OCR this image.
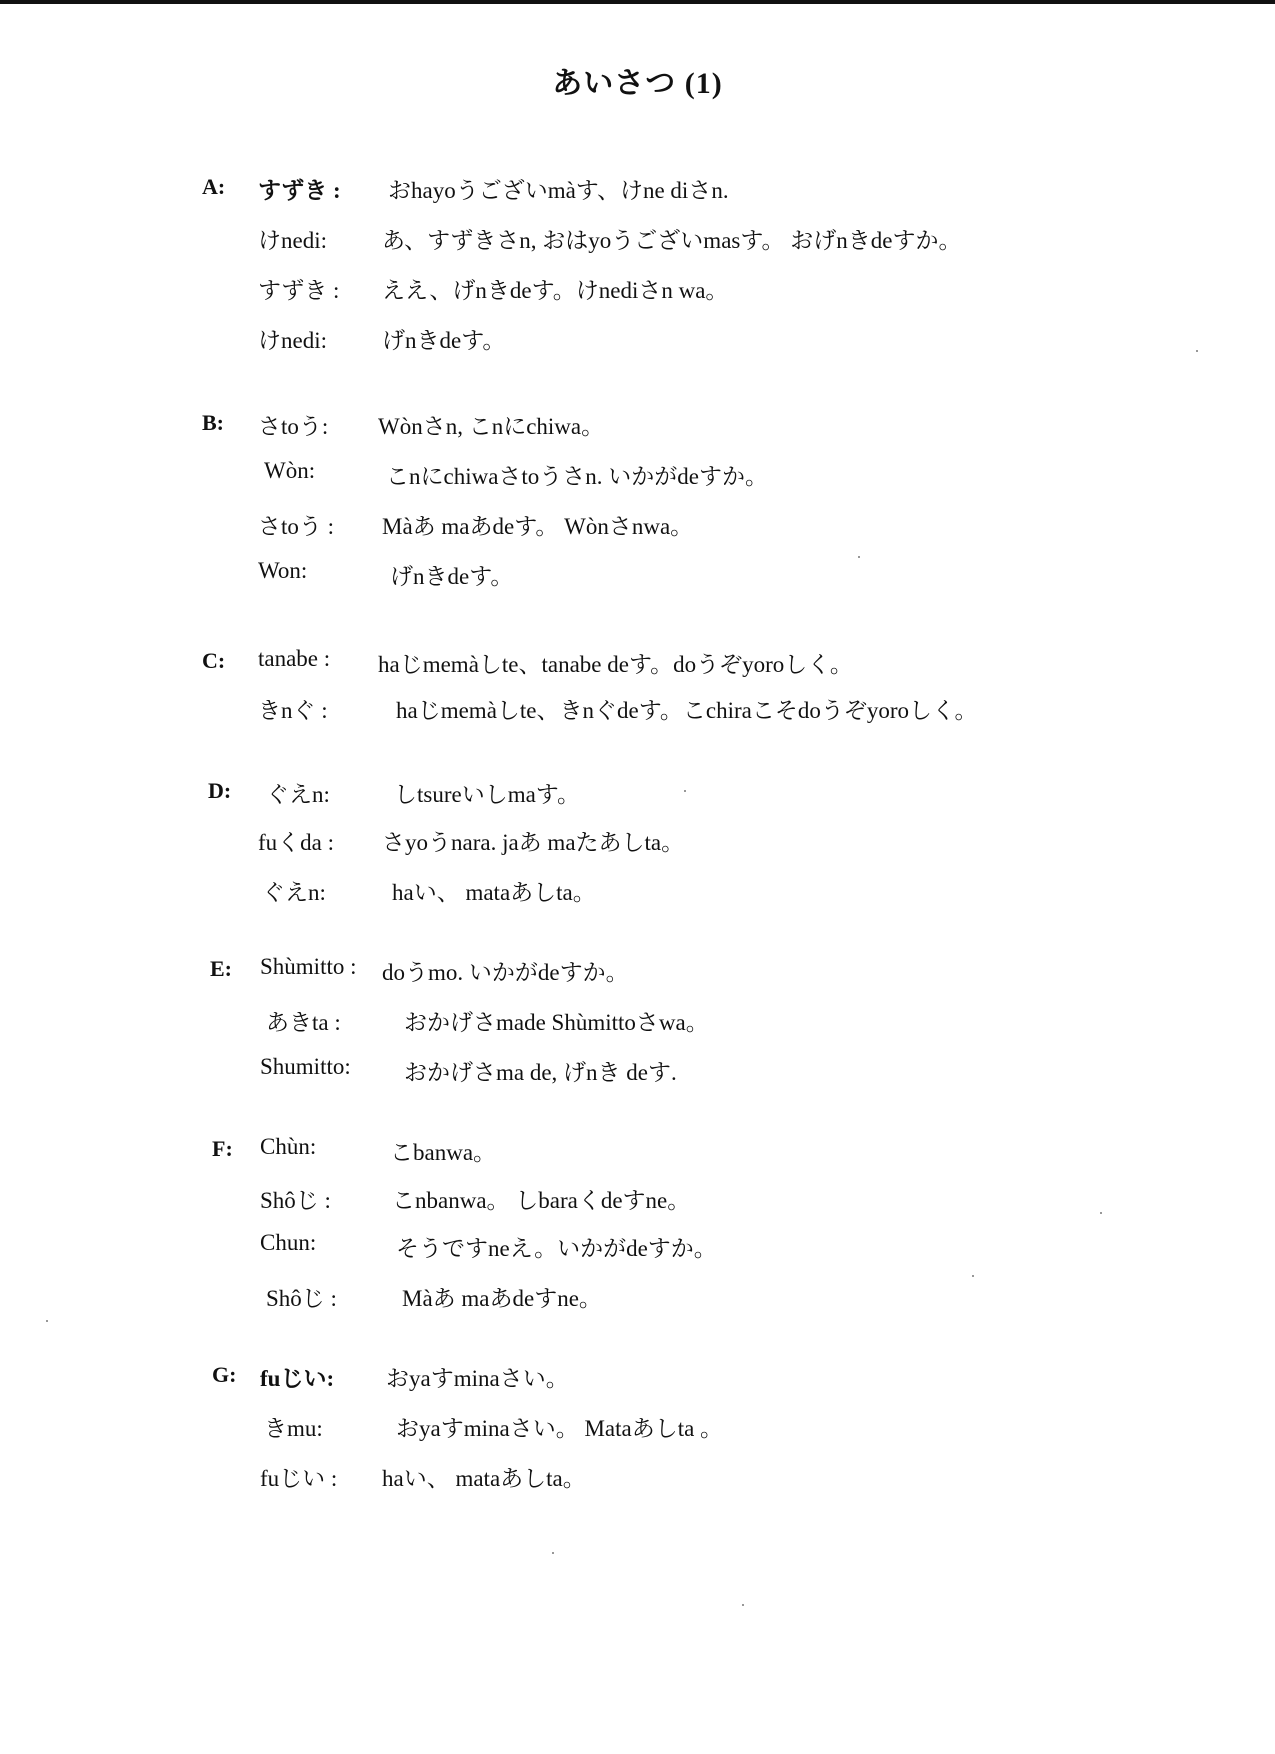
あいさつ (1)
A: すずき : おhayoうございmàす、けne diさn.
けnedi: あ、すずきさn, おはyoうございmasす。 おげnきdeすか。
すずき : ええ、げnきdeす。けnediさn wa。
けnedi: げnきdeす。
B: さtoう: Wònさn, こnにchiwa。
Wòn:	こnにchiwaさtoうさn. いかがdeすか。
さtoう : Màあ maあdeす。 Wònさnwa。
Won:	げnきdeす。
C: tanabe : haじmemàしte、tanabe deす。doうぞyoroしく。
きnぐ :	haじmemàしte、きnぐdeす。こchiraこそdoうぞyoroしく。
D: ぐえn:	しtsureいしmaす。
fuくda : さyoうnara. jaあ maたあしta。
ぐえn:	haい、 mataあしta。
E: Shùmitto : doうmo. いかがdeすか。
あきta :	おかげさmade Shùmittoさwa。
Shumitto: おかげさma de, げnき deす.
F: Chùn:	こbanwa。
Shôじ :	こnbanwa。 しbaraくdeすne。
Chun:	そうですneえ。いかがdeすか。
Shôじ :	Màあ maあdeすne。
G: fuじい: おyaすminaさい。
きmu:	おyaすminaさい。 Mataあしta 。
fuじい : haい、 mataあしta。
